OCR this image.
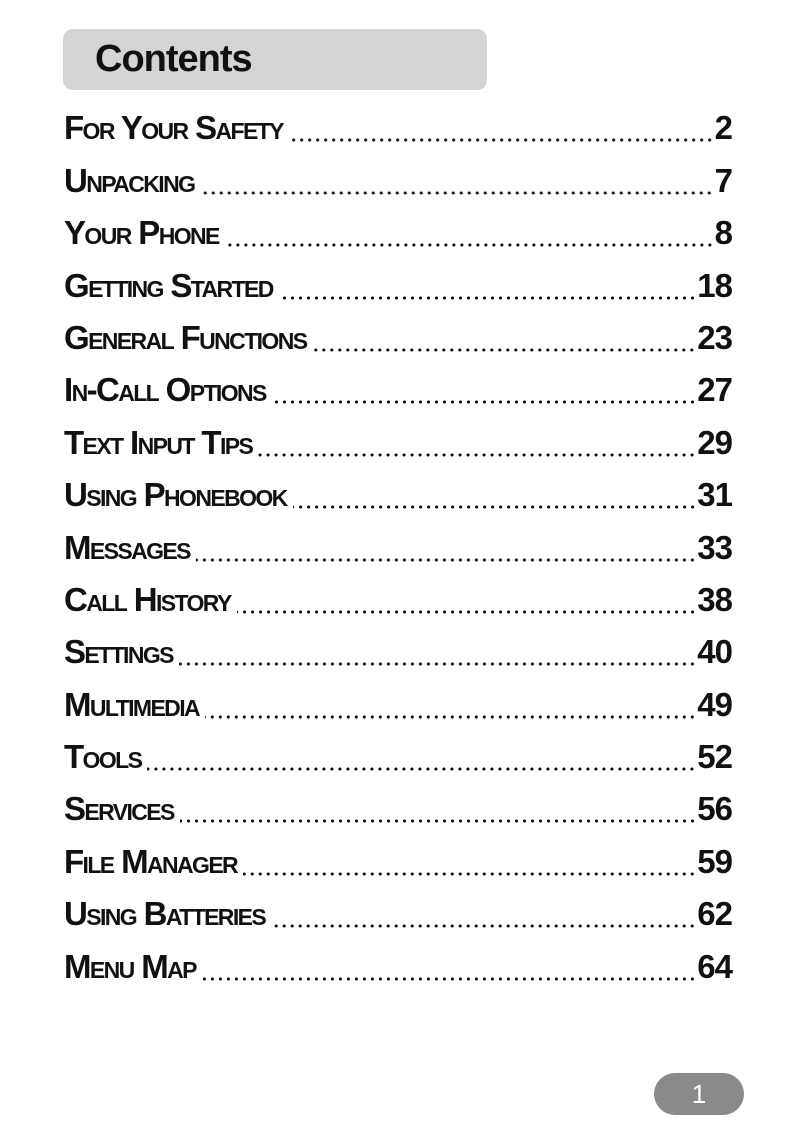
Contents
For Your Safety	2
Unpacking	7
Your Phone	8
Getting Started	18
General Functions	23
In-Call Options	27
Text Input Tips	29
Using Phonebook	31
Messages	33
Call History	38
Settings	40
Multimedia	49
Tools	52
Services	56
File Manager	59
Using Batteries	62
Menu Map	64
1
